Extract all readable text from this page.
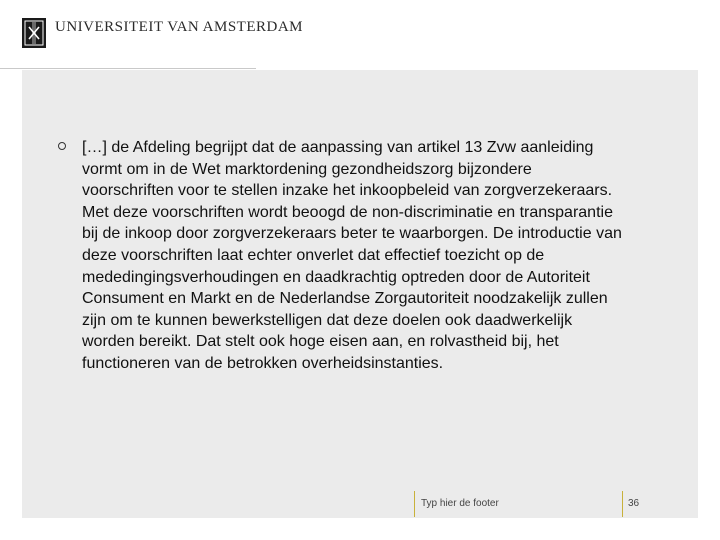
UNIVERSITEIT VAN AMSTERDAM
[…] de Afdeling begrijpt dat de aanpassing van artikel 13 Zvw aanleiding vormt om in de Wet marktordening gezondheidszorg bijzondere voorschriften voor te stellen inzake het inkoopbeleid van zorgverzekeraars. Met deze voorschriften wordt beoogd de non-discriminatie en transparantie bij de inkoop door zorgverzekeraars beter te waarborgen. De introductie van deze voorschriften laat echter onverlet dat effectief toezicht op de mededingingsverhoudingen en daadkrachtig optreden door de Autoriteit Consument en Markt en de Nederlandse Zorgautoriteit noodzakelijk zullen zijn om te kunnen bewerkstelligen dat deze doelen ook daadwerkelijk worden bereikt. Dat stelt ook hoge eisen aan, en rolvastheid bij, het functioneren van de betrokken overheidsinstanties.
Typ hier de footer	36
